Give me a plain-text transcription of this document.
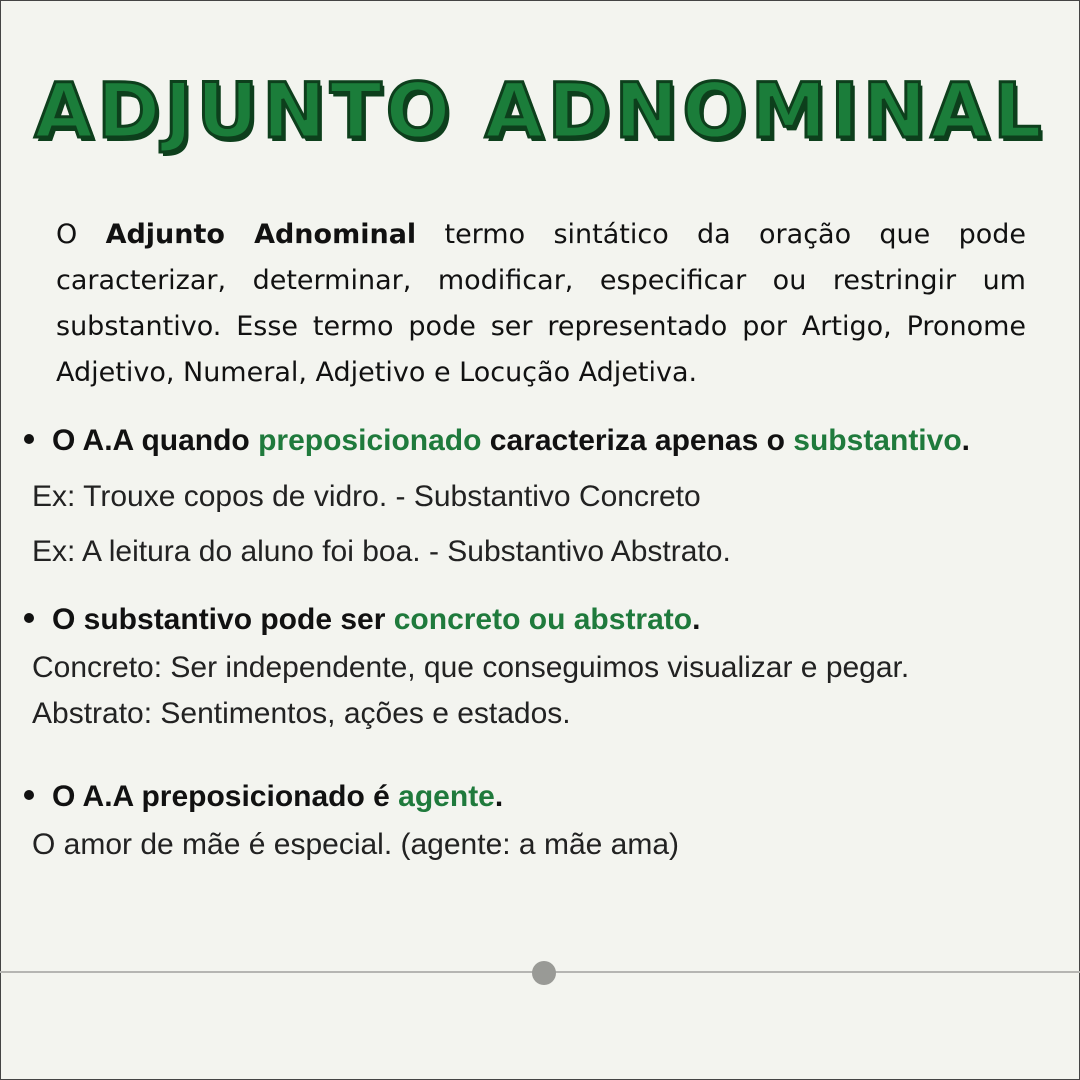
ADJUNTO ADNOMINAL
O Adjunto Adnominal termo sintático da oração que pode caracterizar, determinar, modificar, especificar ou restringir um substantivo. Esse termo pode ser representado por Artigo, Pronome Adjetivo, Numeral, Adjetivo e Locução Adjetiva.
O A.A quando preposicionado caracteriza apenas o substantivo.
Ex: Trouxe copos de vidro. - Substantivo Concreto
Ex: A leitura do aluno foi boa. - Substantivo Abstrato.
O substantivo pode ser concreto ou abstrato.
Concreto: Ser independente, que conseguimos visualizar e pegar.
Abstrato: Sentimentos, ações e estados.
O A.A preposicionado é agente.
O amor de mãe é especial. (agente: a mãe ama)
